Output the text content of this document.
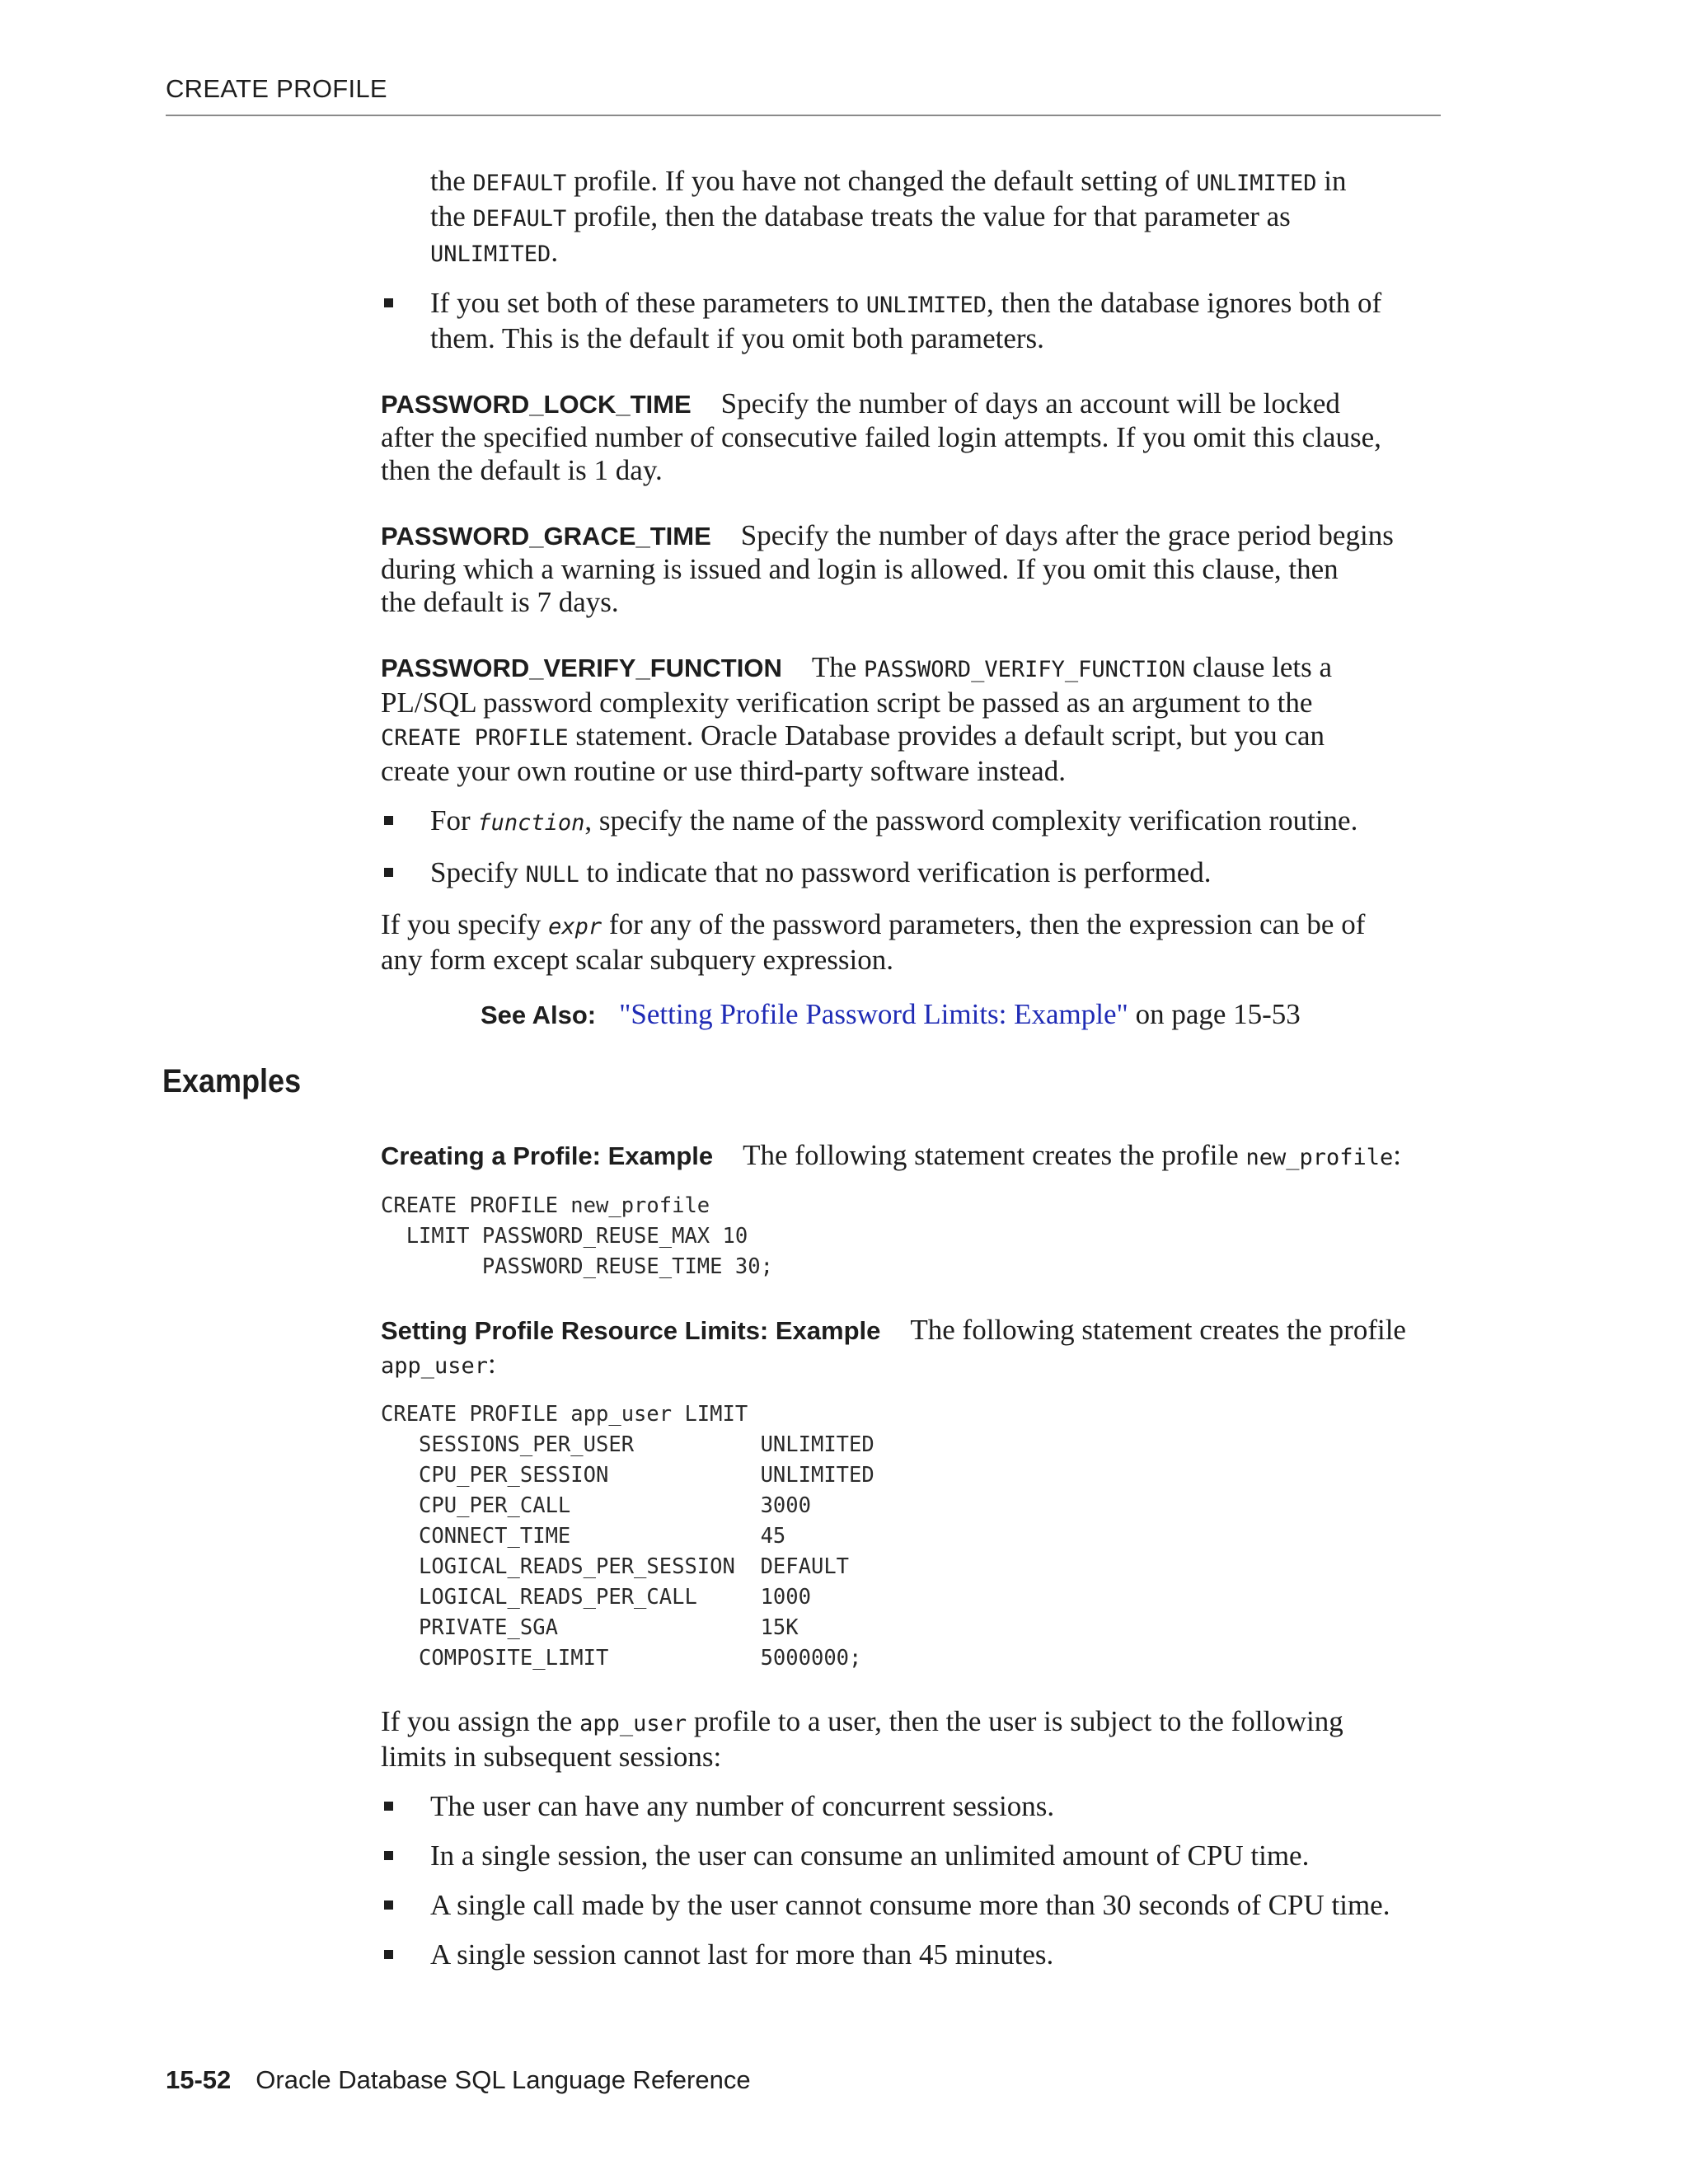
CREATE PROFILE

the DEFAULT profile. If you have not changed the default setting of UNLIMITED in
the DEFAULT profile, then the database treats the value for that parameter as
UNLIMITED.

If you set both of these parameters to UNLIMITED, then the database ignores both of
them. This is the default if you omit both parameters.

PASSWORD_LOCK_TIME Specify the number of days an account will be locked
after the specified number of consecutive failed login attempts. If you omit this clause,
then the default is 1 day.

PASSWORD_GRACE_TIME Specify the number of days after the grace period begins
during which a warning is issued and login is allowed. If you omit this clause, then
the default is 7 days.

PASSWORD_VERIFY_FUNCTION The PASSWORD_VERIFY_FUNCTION clause lets a
PL/SQL password complexity verification script be passed as an argument to the
CREATE PROFILE statement. Oracle Database provides a default script, but you can
create your own routine or use third-party software instead.

For function, specify the name of the password complexity verification routine.

Specify NULL to indicate that no password verification is performed.

If you specify expr for any of the password parameters, then the expression can be of
any form except scalar subquery expression.

See Also: "Setting Profile Password Limits: Example" on page 15-53

Examples

Creating a Profile: Example The following statement creates the profile new_profile:

CREATE PROFILE new_profile
LIMIT PASSWORD_REUSE_MAX 10
PASSWORD_REUSE_TIME 30;

Setting Profile Resource Limits: Example The following statement creates the profile
app_user:

CREATE PROFILE app_user LIMIT
SESSIONS_PER_USER          UNLIMITED
CPU_PER_SESSION            UNLIMITED
CPU_PER_CALL               3000
CONNECT_TIME               45
LOGICAL_READS_PER_SESSION  DEFAULT
LOGICAL_READS_PER_CALL     1000
PRIVATE_SGA                15K
COMPOSITE_LIMIT            5000000;

If you assign the app_user profile to a user, then the user is subject to the following
limits in subsequent sessions:

The user can have any number of concurrent sessions.

In a single session, the user can consume an unlimited amount of CPU time.

A single call made by the user cannot consume more than 30 seconds of CPU time.

A single session cannot last for more than 45 minutes.

15-52 Oracle Database SQL Language Reference
